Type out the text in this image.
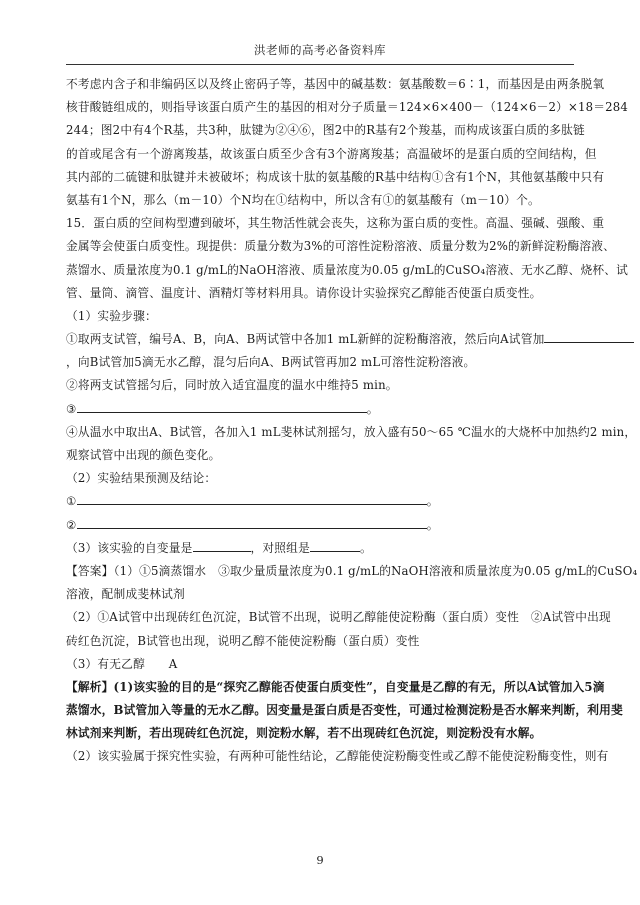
洪老师的高考必备资料库
不考虑内含子和非编码区以及终止密码子等，基因中的碱基数：氨基酸数＝6∶1，而基因是由两条脱氧
核苷酸链组成的，则指导该蛋白质产生的基因的相对分子质量＝124×6×400－（124×6－2）×18＝284
244；图2中有4个R基，共3种，肽键为②④⑥，图2中的R基有2个羧基，而构成该蛋白质的多肽链
的首或尾含有一个游离羧基，故该蛋白质至少含有3个游离羧基；高温破坏的是蛋白质的空间结构，但
其内部的二硫键和肽键并未被破坏；构成该十肽的氨基酸的R基中结构①含有1个N，其他氨基酸中只有
氨基有1个N，那么（m－10）个N均在①结构中，所以含有①的氨基酸有（m－10）个。
15．蛋白质的空间构型遭到破坏，其生物活性就会丧失，这称为蛋白质的变性。高温、强碱、强酸、重
金属等会使蛋白质变性。现提供：质量分数为3%的可溶性淀粉溶液、质量分数为2%的新鲜淀粉酶溶液、
蒸馏水、质量浓度为0.1 g/mL的NaOH溶液、质量浓度为0.05 g/mL的CuSO₄溶液、无水乙醇、烧杯、试
管、量筒、滴管、温度计、酒精灯等材料用具。请你设计实验探究乙醇能否使蛋白质变性。
（1）实验步骤：
①取两支试管，编号A、B，向A、B两试管中各加1 mL新鲜的淀粉酶溶液，然后向A试管加
，向B试管加5滴无水乙醇，混匀后向A、B两试管再加2 mL可溶性淀粉溶液。
②将两支试管摇匀后，同时放入适宜温度的温水中维持5 min。
③	。
④从温水中取出A、B试管，各加入1 mL斐林试剂摇匀，放入盛有50～65 ℃温水的大烧杯中加热约2 min，
观察试管中出现的颜色变化。
（2）实验结果预测及结论：
①	。
②	。
（3）该实验的自变量是	，对照组是	。
【答案】（1）①5滴蒸馏水　③取少量质量浓度为0.1 g/mL的NaOH溶液和质量浓度为0.05 g/mL的CuSO₄
溶液，配制成斐林试剂
（2）①A试管中出现砖红色沉淀，B试管不出现，说明乙醇能使淀粉酶（蛋白质）变性　②A试管中出现
砖红色沉淀，B试管也出现，说明乙醇不能使淀粉酶（蛋白质）变性
（3）有无乙醇　　A
【解析】(1)该实验的目的是“探究乙醇能否使蛋白质变性”，自变量是乙醇的有无，所以A试管加入5滴
蒸馏水，B试管加入等量的无水乙醇。因变量是蛋白质是否变性，可通过检测淀粉是否水解来判断，利用斐
林试剂来判断，若出现砖红色沉淀，则淀粉水解，若不出现砖红色沉淀，则淀粉没有水解。
（2）该实验属于探究性实验，有两种可能性结论，乙醇能使淀粉酶变性或乙醇不能使淀粉酶变性，则有
9
